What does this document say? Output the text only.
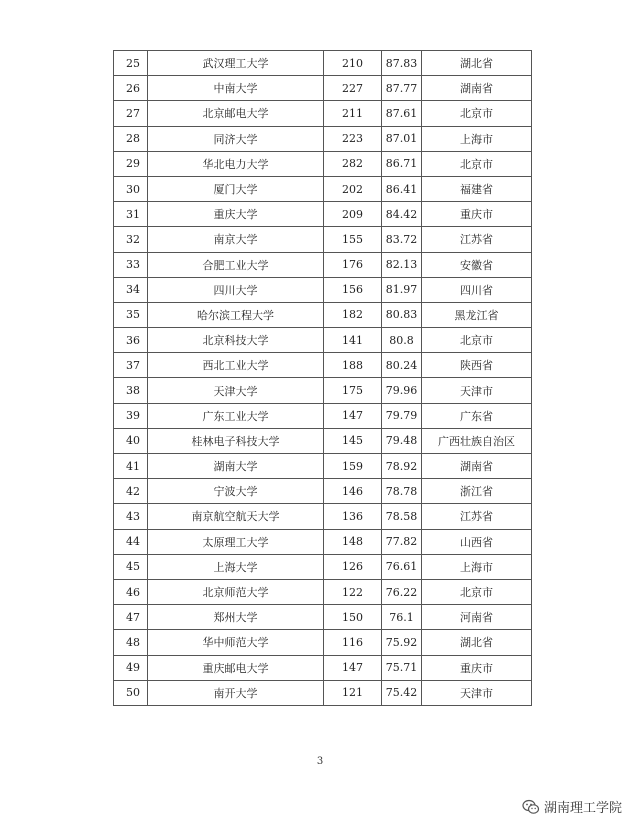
25	武汉理工大学	210	87.83	湖北省
26	中南大学	227	87.77	湖南省
27	北京邮电大学	211	87.61	北京市
28	同济大学	223	87.01	上海市
29	华北电力大学	282	86.71	北京市
30	厦门大学	202	86.41	福建省
31	重庆大学	209	84.42	重庆市
32	南京大学	155	83.72	江苏省
33	合肥工业大学	176	82.13	安徽省
34	四川大学	156	81.97	四川省
35	哈尔滨工程大学	182	80.83	黑龙江省
36	北京科技大学	141	80.8	北京市
37	西北工业大学	188	80.24	陕西省
38	天津大学	175	79.96	天津市
39	广东工业大学	147	79.79	广东省
40	桂林电子科技大学	145	79.48	广西壮族自治区
41	湖南大学	159	78.92	湖南省
42	宁波大学	146	78.78	浙江省
43	南京航空航天大学	136	78.58	江苏省
44	太原理工大学	148	77.82	山西省
45	上海大学	126	76.61	上海市
46	北京师范大学	122	76.22	北京市
47	郑州大学	150	76.1	河南省
48	华中师范大学	116	75.92	湖北省
49	重庆邮电大学	147	75.71	重庆市
50	南开大学	121	75.42	天津市
3
湖南理工学院
